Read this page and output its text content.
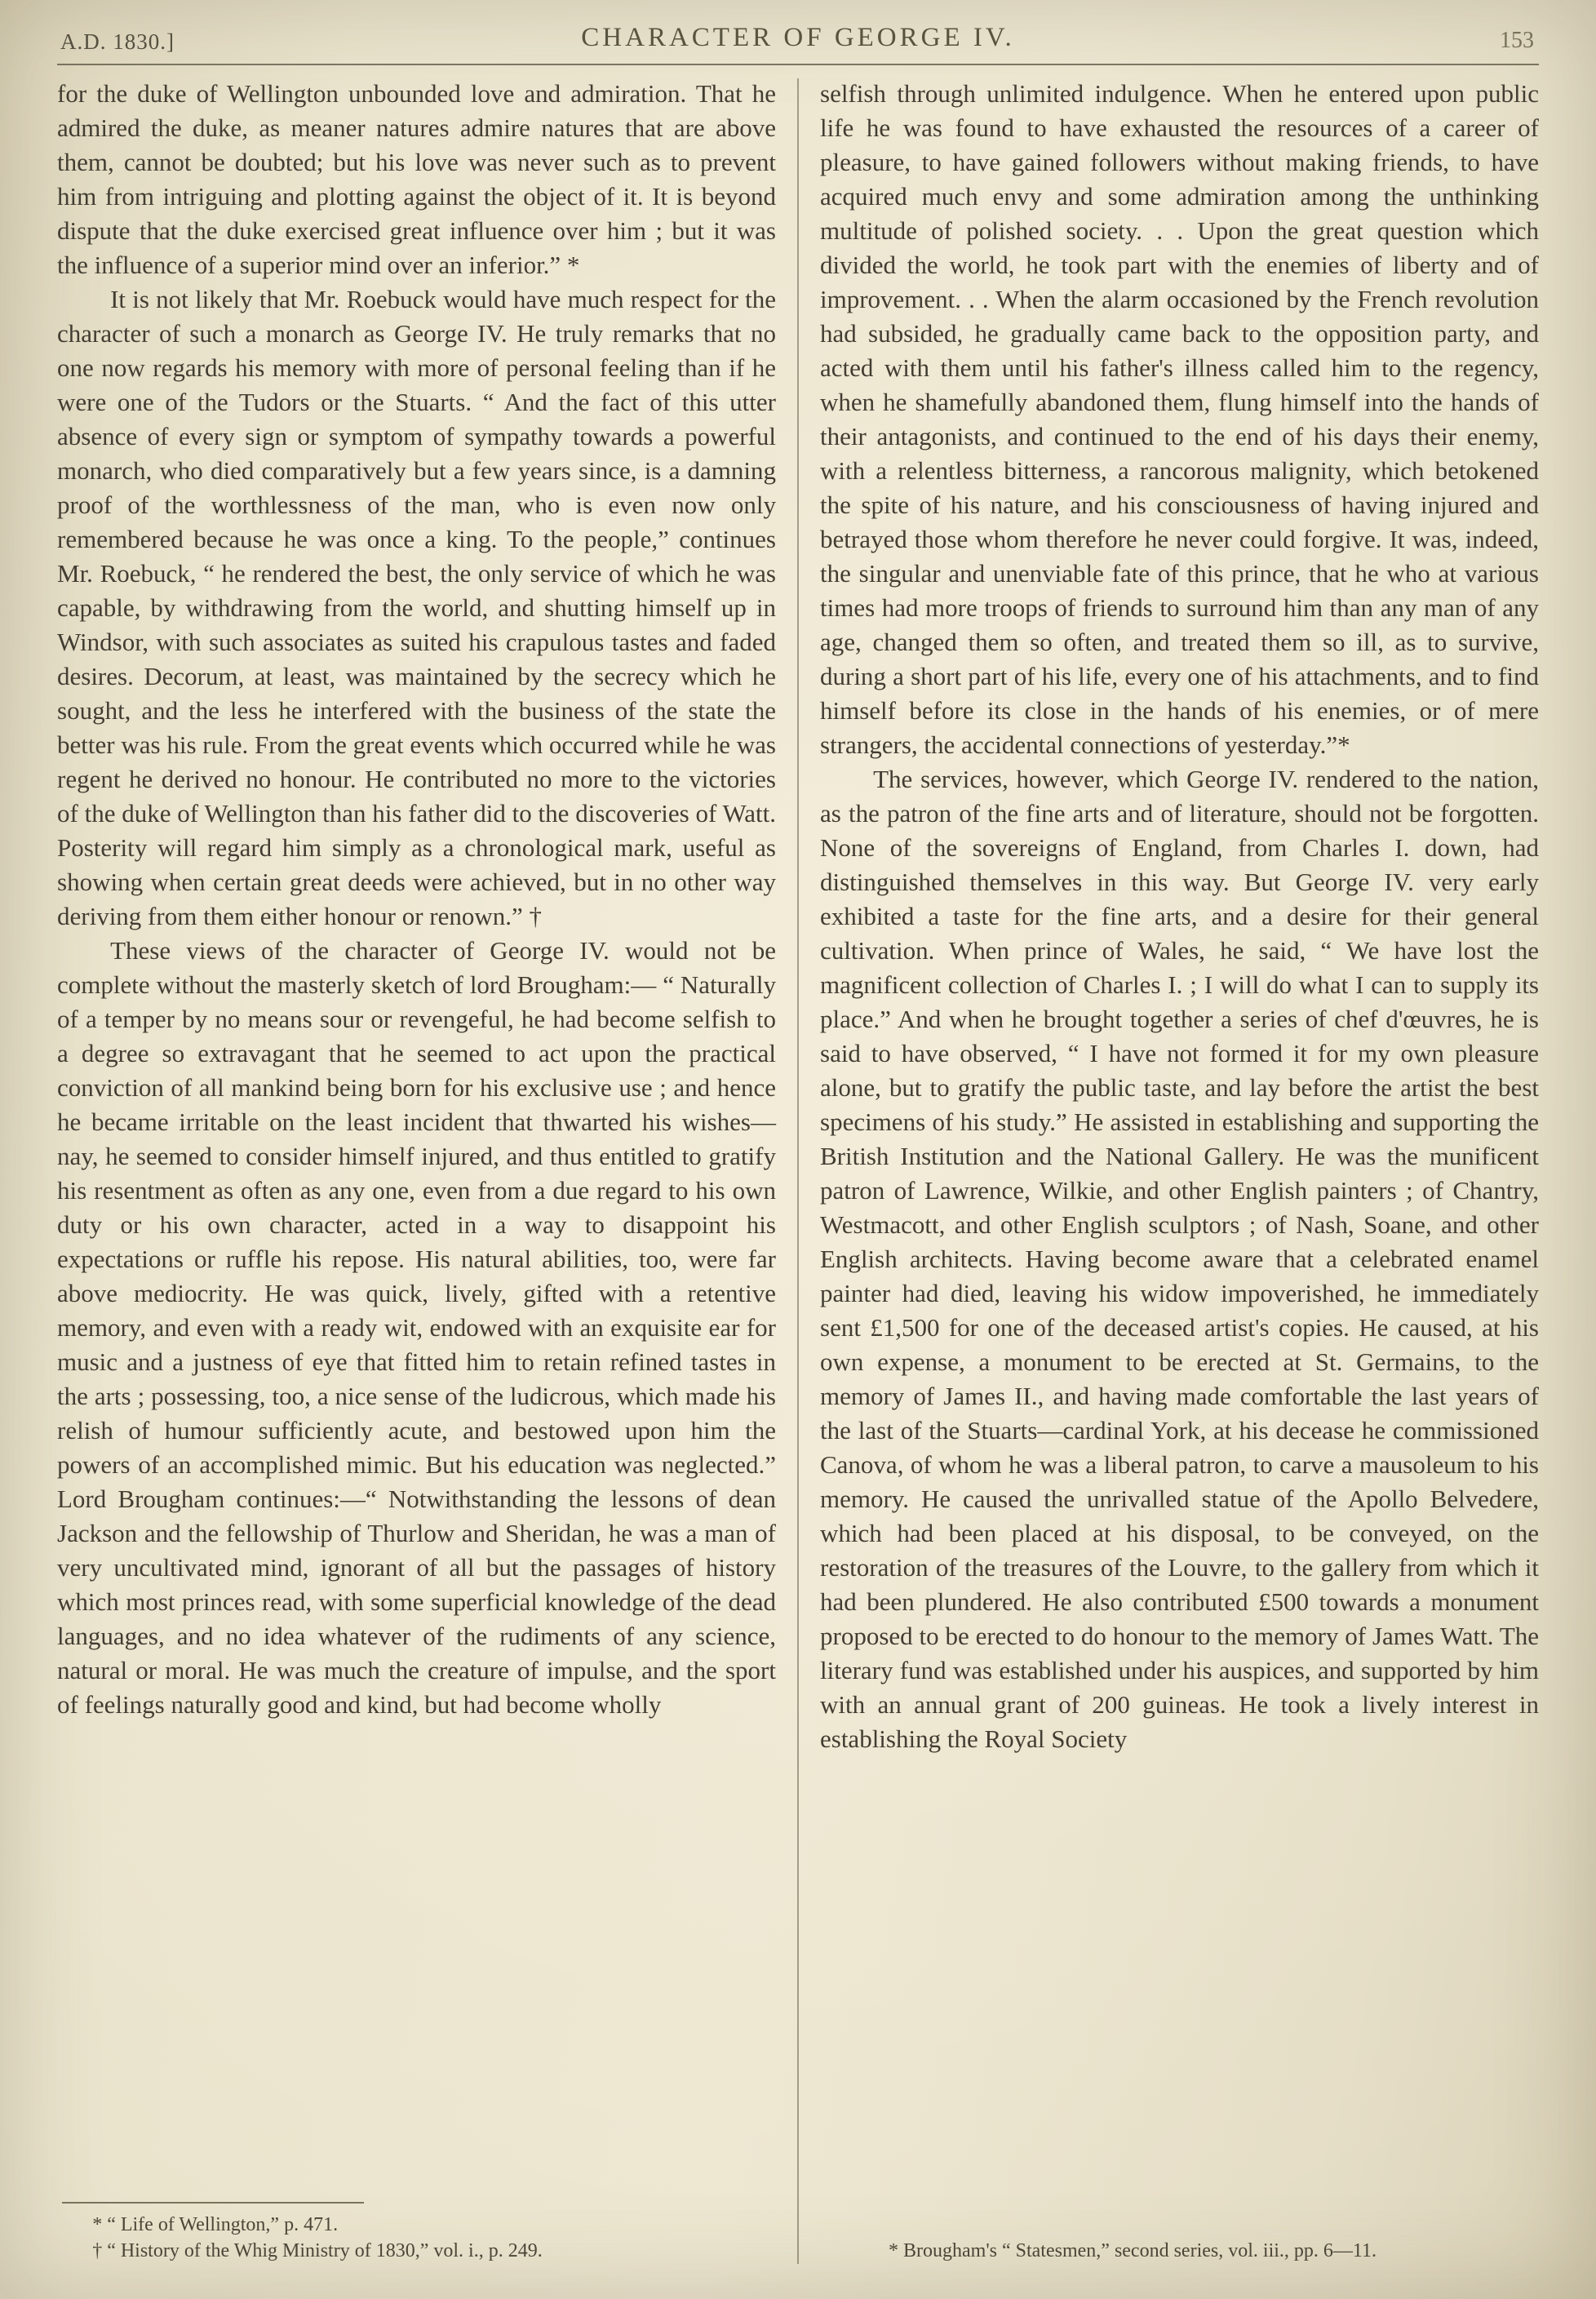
A.D. 1830.]	CHARACTER OF GEORGE IV.	153

for the duke of Wellington unbounded love and admiration. That he admired the duke, as meaner natures admire natures that are above them, cannot be doubted; but his love was never such as to prevent him from intriguing and plotting against the object of it. It is beyond dispute that the duke exercised great influence over him ; but it was the influence of a superior mind over an inferior.” *

It is not likely that Mr. Roebuck would have much respect for the character of such a monarch as George IV. He truly remarks that no one now regards his memory with more of personal feeling than if he were one of the Tudors or the Stuarts. “ And the fact of this utter absence of every sign or symptom of sympathy towards a powerful monarch, who died comparatively but a few years since, is a damning proof of the worthlessness of the man, who is even now only remembered because he was once a king. To the people,” continues Mr. Roebuck, “ he rendered the best, the only service of which he was capable, by withdrawing from the world, and shutting himself up in Windsor, with such associates as suited his crapulous tastes and faded desires. Decorum, at least, was maintained by the secrecy which he sought, and the less he interfered with the business of the state the better was his rule. From the great events which occurred while he was regent he derived no honour. He contributed no more to the victories of the duke of Wellington than his father did to the discoveries of Watt. Posterity will regard him simply as a chronological mark, useful as showing when certain great deeds were achieved, but in no other way deriving from them either honour or renown.” †

These views of the character of George IV. would not be complete without the masterly sketch of lord Brougham:— “ Naturally of a temper by no means sour or revengeful, he had become selfish to a degree so extravagant that he seemed to act upon the practical conviction of all mankind being born for his exclusive use ; and hence he became irritable on the least incident that thwarted his wishes— nay, he seemed to consider himself injured, and thus entitled to gratify his resentment as often as any one, even from a due regard to his own duty or his own character, acted in a way to disappoint his expectations or ruffle his repose. His natural abilities, too, were far above mediocrity. He was quick, lively, gifted with a retentive memory, and even with a ready wit, endowed with an exquisite ear for music and a justness of eye that fitted him to retain refined tastes in the arts ; possessing, too, a nice sense of the ludicrous, which made his relish of humour sufficiently acute, and bestowed upon him the powers of an accomplished mimic. But his education was neglected.” Lord Brougham continues:—“ Notwithstanding the lessons of dean Jackson and the fellowship of Thurlow and Sheridan, he was a man of very uncultivated mind, ignorant of all but the passages of history which most princes read, with some superficial knowledge of the dead languages, and no idea whatever of the rudiments of any science, natural or moral. He was much the creature of impulse, and the sport of feelings naturally good and kind, but had become wholly

* “ Life of Wellington,” p. 471.

† “ History of the Whig Ministry of 1830,” vol. i., p. 249.

selfish through unlimited indulgence. When he entered upon public life he was found to have exhausted the resources of a career of pleasure, to have gained followers without making friends, to have acquired much envy and some admiration among the unthinking multitude of polished society. . . Upon the great question which divided the world, he took part with the enemies of liberty and of improvement. . . When the alarm occasioned by the French revolution had subsided, he gradually came back to the opposition party, and acted with them until his father's illness called him to the regency, when he shamefully abandoned them, flung himself into the hands of their antagonists, and continued to the end of his days their enemy, with a relentless bitterness, a rancorous malignity, which betokened the spite of his nature, and his consciousness of having injured and betrayed those whom therefore he never could forgive. It was, indeed, the singular and unenviable fate of this prince, that he who at various times had more troops of friends to surround him than any man of any age, changed them so often, and treated them so ill, as to survive, during a short part of his life, every one of his attachments, and to find himself before its close in the hands of his enemies, or of mere strangers, the accidental connections of yesterday.”*

The services, however, which George IV. rendered to the nation, as the patron of the fine arts and of literature, should not be forgotten. None of the sovereigns of England, from Charles I. down, had distinguished themselves in this way. But George IV. very early exhibited a taste for the fine arts, and a desire for their general cultivation. When prince of Wales, he said, “ We have lost the magnificent collection of Charles I. ; I will do what I can to supply its place.” And when he brought together a series of chef d'œuvres, he is said to have observed, “ I have not formed it for my own pleasure alone, but to gratify the public taste, and lay before the artist the best specimens of his study.” He assisted in establishing and supporting the British Institution and the National Gallery. He was the munificent patron of Lawrence, Wilkie, and other English painters ; of Chantry, Westmacott, and other English sculptors ; of Nash, Soane, and other English architects. Having become aware that a celebrated enamel painter had died, leaving his widow impoverished, he immediately sent £1,500 for one of the deceased artist's copies. He caused, at his own expense, a monument to be erected at St. Germains, to the memory of James II., and having made comfortable the last years of the last of the Stuarts—cardinal York, at his decease he commissioned Canova, of whom he was a liberal patron, to carve a mausoleum to his memory. He caused the unrivalled statue of the Apollo Belvedere, which had been placed at his disposal, to be conveyed, on the restoration of the treasures of the Louvre, to the gallery from which it had been plundered. He also contributed £500 towards a monument proposed to be erected to do honour to the memory of James Watt. The literary fund was established under his auspices, and supported by him with an annual grant of 200 guineas. He took a lively interest in establishing the Royal Society

* Brougham's “ Statesmen,” second series, vol. iii., pp. 6—11.
